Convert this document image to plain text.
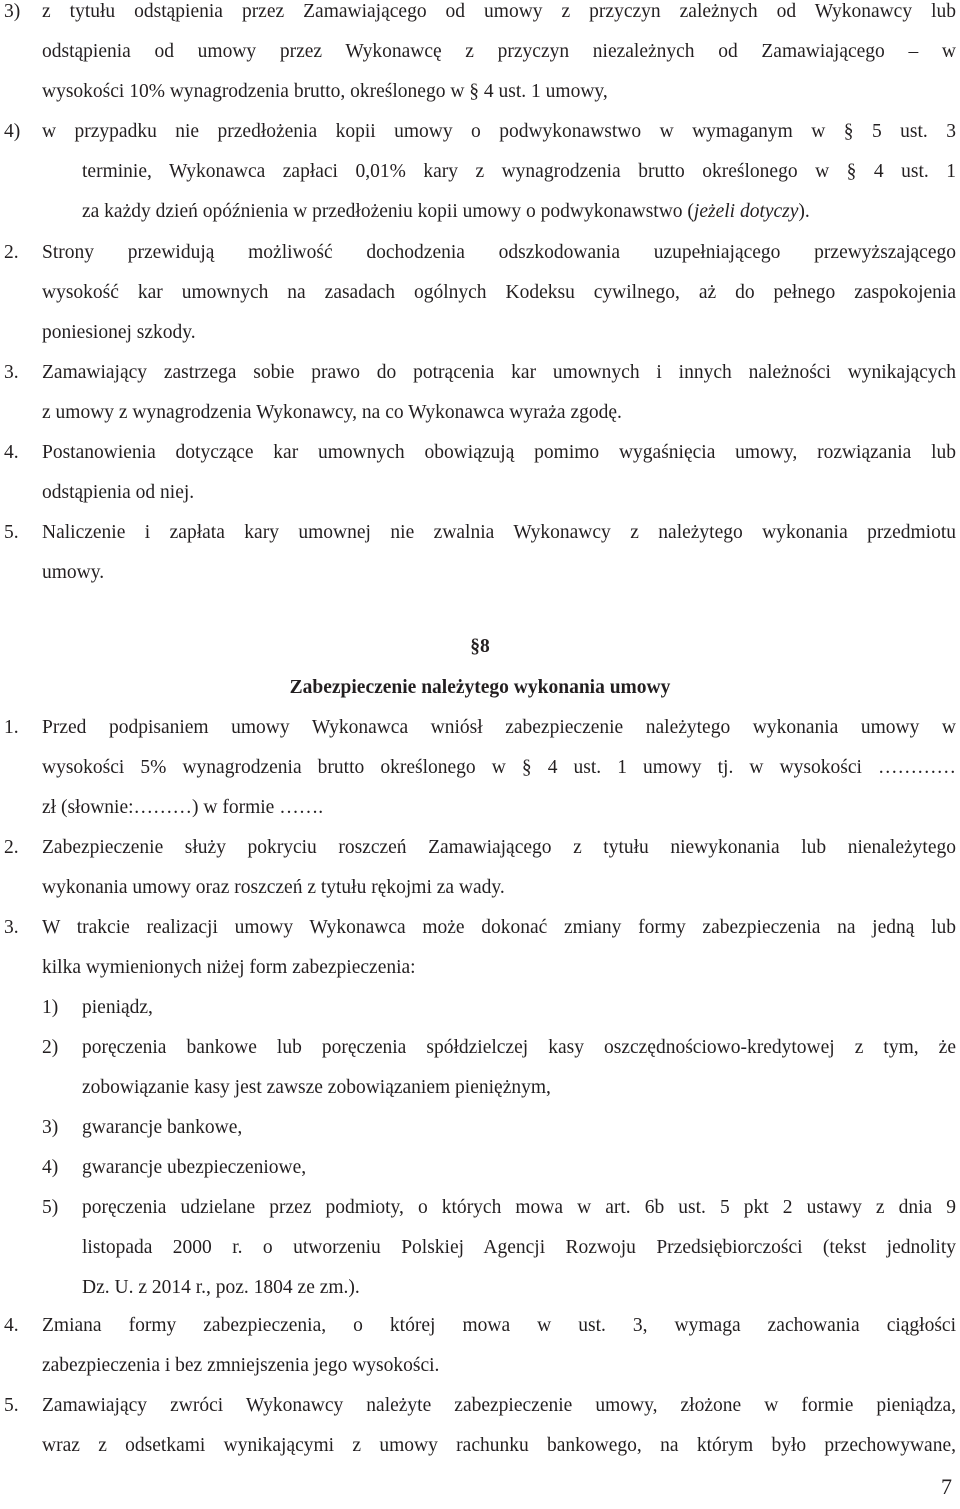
3) z tytułu odstąpienia przez Zamawiającego od umowy z przyczyn zależnych od Wykonawcy lub
odstąpienia od umowy przez Wykonawcę z przyczyn niezależnych od Zamawiającego – w
wysokości 10% wynagrodzenia brutto, określonego w § 4 ust. 1 umowy,
4) w przypadku nie przedłożenia kopii umowy o podwykonawstwo w wymaganym w § 5 ust. 3
terminie, Wykonawca zapłaci 0,01% kary z wynagrodzenia brutto określonego w § 4 ust. 1
za każdy dzień opóźnienia w przedłożeniu kopii umowy o podwykonawstwo (jeżeli dotyczy).
2. Strony przewidują możliwość dochodzenia odszkodowania uzupełniającego przewyższającego
wysokość kar umownych na zasadach ogólnych Kodeksu cywilnego, aż do pełnego zaspokojenia
poniesionej szkody.
3. Zamawiający zastrzega sobie prawo do potrącenia kar umownych i innych należności wynikających
z umowy z wynagrodzenia Wykonawcy, na co Wykonawca wyraża zgodę.
4. Postanowienia dotyczące kar umownych obowiązują pomimo wygaśnięcia umowy, rozwiązania lub
odstąpienia od niej.
5. Naliczenie i zapłata kary umownej nie zwalnia Wykonawcy z należytego wykonania przedmiotu
umowy.
§8
Zabezpieczenie należytego wykonania umowy
1. Przed podpisaniem umowy Wykonawca wniósł zabezpieczenie należytego wykonania umowy w
wysokości 5% wynagrodzenia brutto określonego w § 4 ust. 1 umowy tj. w wysokości …………
zł (słownie:………) w formie …….
2. Zabezpieczenie służy pokryciu roszczeń Zamawiającego z tytułu niewykonania lub nienależytego
wykonania umowy oraz roszczeń z tytułu rękojmi za wady.
3. W trakcie realizacji umowy Wykonawca może dokonać zmiany formy zabezpieczenia na jedną lub
kilka wymienionych niżej form zabezpieczenia:
1) pieniądz,
2) poręczenia bankowe lub poręczenia spółdzielczej kasy oszczędnościowo-kredytowej z tym, że
zobowiązanie kasy jest zawsze zobowiązaniem pieniężnym,
3) gwarancje bankowe,
4) gwarancje ubezpieczeniowe,
5) poręczenia udzielane przez podmioty, o których mowa w art. 6b ust. 5 pkt 2 ustawy z dnia 9
listopada 2000 r. o utworzeniu Polskiej Agencji Rozwoju Przedsiębiorczości (tekst jednolity
Dz. U. z 2014 r., poz. 1804 ze zm.).
4. Zmiana formy zabezpieczenia, o której mowa w ust. 3, wymaga zachowania ciągłości
zabezpieczenia i bez zmniejszenia jego wysokości.
5. Zamawiający zwróci Wykonawcy należyte zabezpieczenie umowy, złożone w formie pieniądza,
wraz z odsetkami wynikającymi z umowy rachunku bankowego, na którym było przechowywane,
7
